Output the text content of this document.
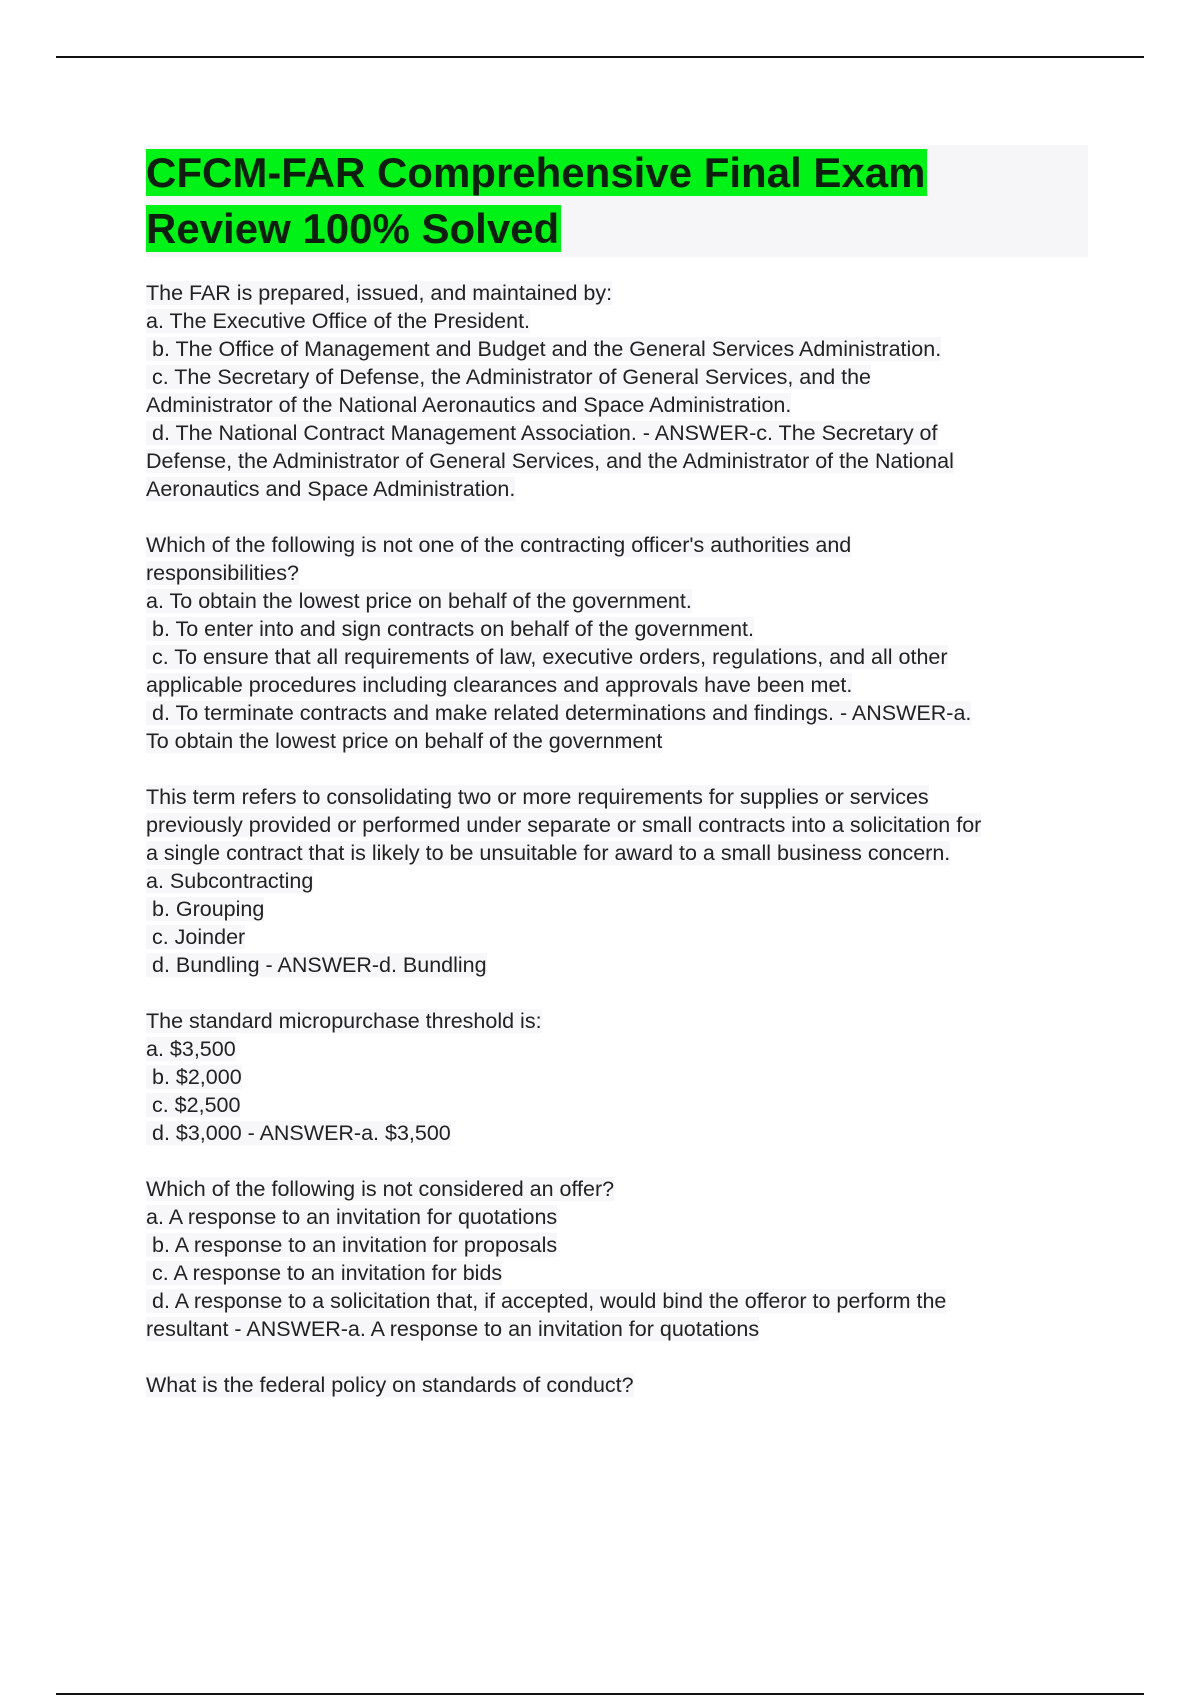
CFCM-FAR Comprehensive Final Exam
Review 100% Solved

The FAR is prepared, issued, and maintained by:

a. The Executive Office of the President.

b. The Office of Management and Budget and the General Services Administration.

c. The Secretary of Defense, the Administrator of General Services, and the

Administrator of the National Aeronautics and Space Administration.

d. The National Contract Management Association. - ANSWER-c. The Secretary of

Defense, the Administrator of General Services, and the Administrator of the National

Aeronautics and Space Administration.

Which of the following is not one of the contracting officer's authorities and

responsibilities?

a. To obtain the lowest price on behalf of the government.

b. To enter into and sign contracts on behalf of the government.

c. To ensure that all requirements of law, executive orders, regulations, and all other

applicable procedures including clearances and approvals have been met.

d. To terminate contracts and make related determinations and findings. - ANSWER-a.

To obtain the lowest price on behalf of the government

This term refers to consolidating two or more requirements for supplies or services

previously provided or performed under separate or small contracts into a solicitation for

a single contract that is likely to be unsuitable for award to a small business concern.

a. Subcontracting

b. Grouping

c. Joinder

d. Bundling - ANSWER-d. Bundling

The standard micropurchase threshold is:

a. $3,500

b. $2,000

c. $2,500

d. $3,000 - ANSWER-a. $3,500

Which of the following is not considered an offer?

a. A response to an invitation for quotations

b. A response to an invitation for proposals

c. A response to an invitation for bids

d. A response to a solicitation that, if accepted, would bind the offeror to perform the

resultant - ANSWER-a. A response to an invitation for quotations

What is the federal policy on standards of conduct?
